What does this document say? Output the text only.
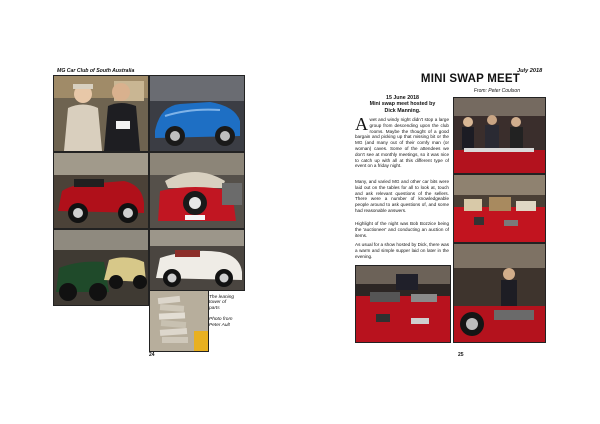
MG Car Club of South Australia
The leaning
tower of
parts
Photo from
Peter Ault
24
July 2018
MINI SWAP MEET
From: Peter Coulson
15 June 2018
Mini swap meet hosted by
Dick Manning.
Awet and windy night didn't stop a large group from descending upon the club rooms. Maybe the thought of a good bargain and picking up that missing bit or the MG (and many out of their comfy man (or woman) caves. Some of the attendees we don't see at monthly meetings, so it was nice to catch up with all at this different type of event on a friday night.
Many, and varied MG and other car bits were laid out on the tables for all to look at, touch and ask relevant questions of the sellers. There were a number of knowledgeable people around to ask questions of, and some had reasonable answers.
Highlight of the night was Bob Bozzice being the 'auctioneer' and conducting an auction of items.
As usual for a show hosted by Dick, there was a warm and simple supper laid on later in the evening.
25
